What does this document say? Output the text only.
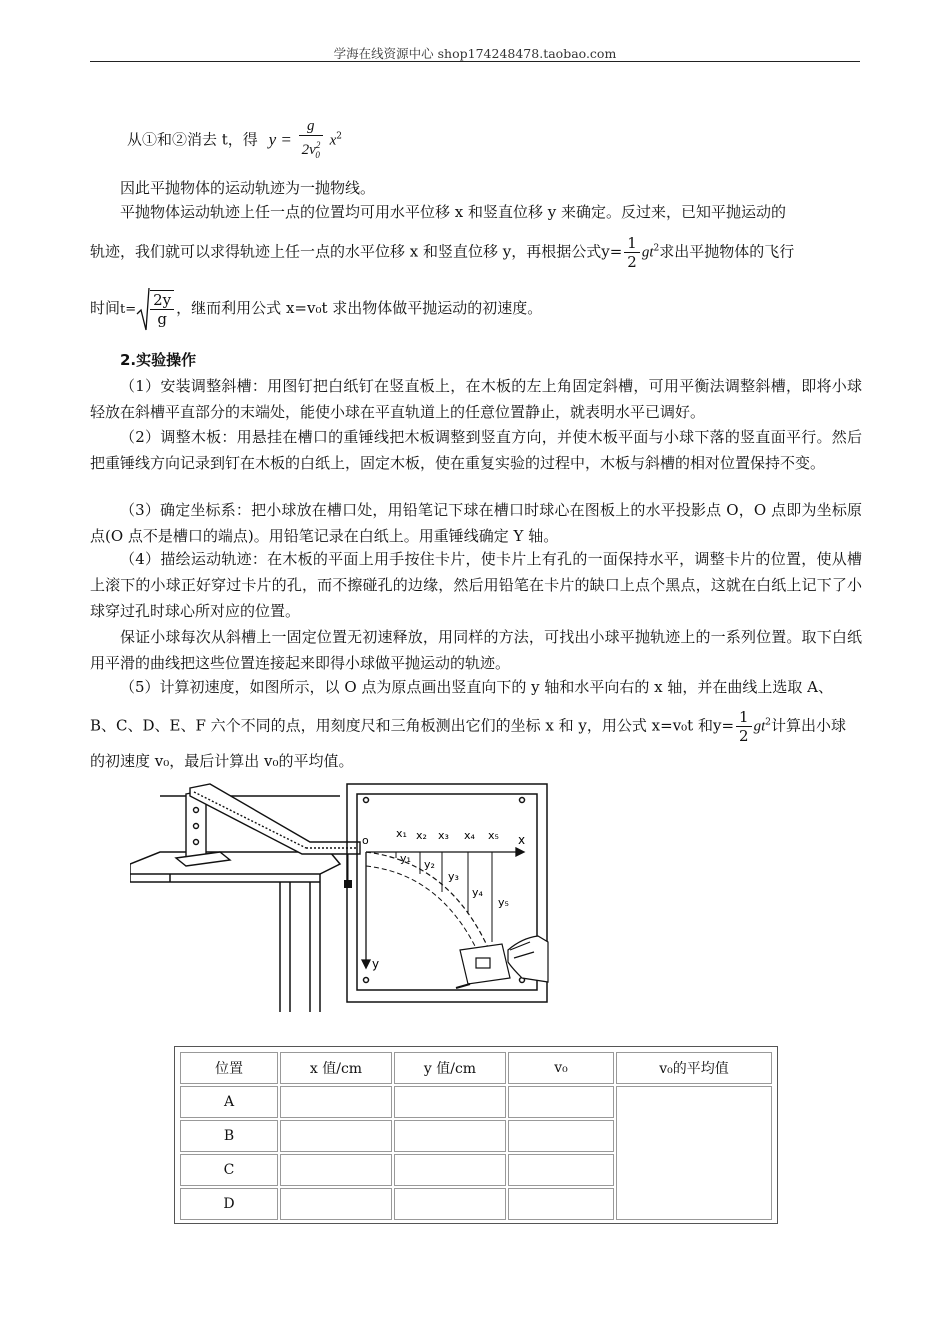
学海在线资源中心 shop174248478.taobao.com
从①和②消去 t，得 $y = \frac{g}{2v^2_0} x^2$

因此平抛物体的运动轨迹为一抛物线。

平抛物体运动轨迹上任一点的位置均可用水平位移 x 和竖直位移 y 来确定。反过来，已知平抛运动的

轨迹，我们就可以求得轨迹上任一点的水平位移 x 和竖直位移 y，再根据公式$y= \frac{1}{2} gt^2$求出平抛物体的飞行
时间$t= \frac{2y}{g}$ ，继而利用公式 x=v₀t 求出物体做平抛运动的初速度。
2.实验操作

（1）安装调整斜槽：用图钉把白纸钉在竖直板上，在木板的左上角固定斜槽，可用平衡法调整斜槽，即将小球轻放在斜槽平直部分的末端处，能使小球在平直轨道上的任意位置静止，就表明水平已调好。

（2）调整木板：用悬挂在槽口的重锤线把木板调整到竖直方向，并使木板平面与小球下落的竖直面平行。然后把重锤线方向记录到钉在木板的白纸上，固定木板，使在重复实验的过程中，木板与斜槽的相对位置保持不变。

（3）确定坐标系：把小球放在槽口处，用铅笔记下球在槽口时球心在图板上的水平投影点 O，O 点即为坐标原点(O 点不是槽口的端点)。用铅笔记录在白纸上。用重锤线确定 Y 轴。

（4）描绘运动轨迹：在木板的平面上用手按住卡片，使卡片上有孔的一面保持水平，调整卡片的位置，使从槽上滚下的小球正好穿过卡片的孔，而不擦碰孔的边缘，然后用铅笔在卡片的缺口上点个黑点，这就在白纸上记下了小球穿过孔时球心所对应的位置。

保证小球每次从斜槽上一固定位置无初速释放，用同样的方法，可找出小球平抛轨迹上的一系列位置。取下白纸用平滑的曲线把这些位置连接起来即得小球做平抛运动的轨迹。

（5）计算初速度，如图所示，以 O 点为原点画出竖直向下的 y 轴和水平向右的 x 轴，并在曲线上选取 A、

B、C、D、E、F 六个不同的点，用刻度尺和三角板测出它们的坐标 x 和 y，用公式 x=v₀t 和$y= \frac{1}{2} gt^2$计算出小球

的初速度 v₀，最后计算出 v₀的平均值。

o	x
y
x₁ x₂ x₃ x₄ x₅
y₁ y₂
y₃
y₄
y₅
位置	x 值/cm	y 值/cm	v₀	v₀的平均值
A				
B				
C				
D				
